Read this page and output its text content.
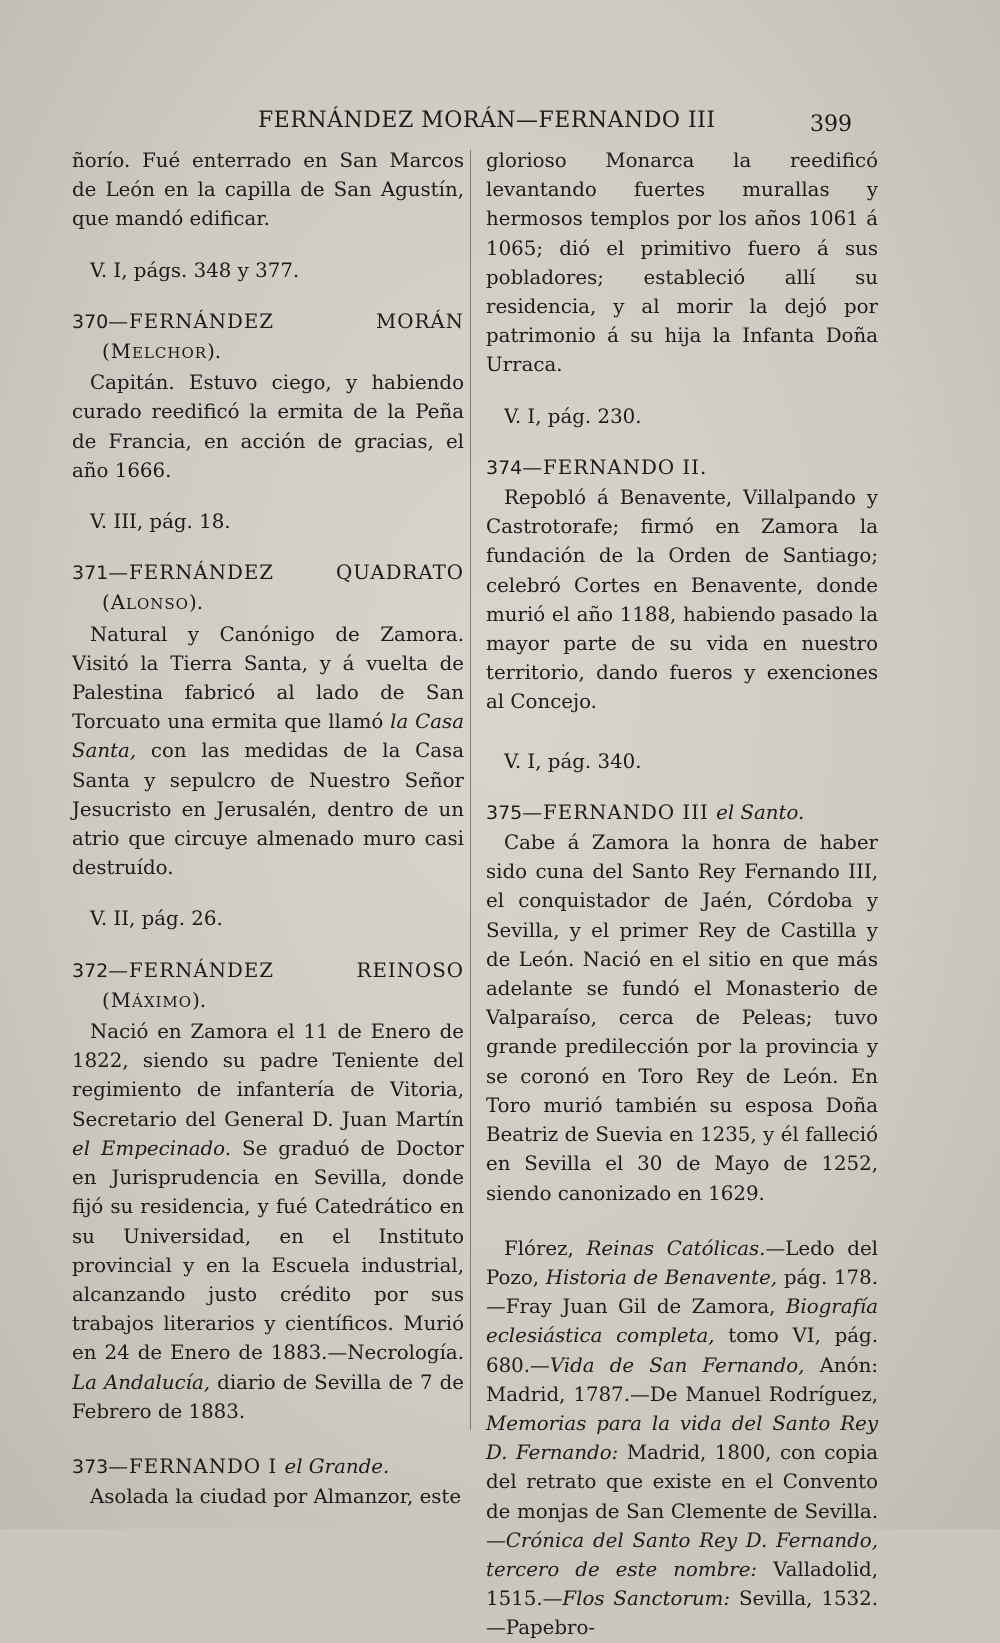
FERNÁNDEZ MORÁN—FERNANDO III	399

ñorío. Fué enterrado en San Marcos de León en la capilla de San Agustín, que mandó edificar.

V. I, págs. 348 y 377.

370—FERNÁNDEZ MORÁN (MELCHOR).

Capitán. Estuvo ciego, y habiendo curado reedificó la ermita de la Peña de Francia, en acción de gracias, el año 1666.

V. III, pág. 18.

371—FERNÁNDEZ QUADRATO (ALONSO).

Natural y Canónigo de Zamora. Visitó la Tierra Santa, y á vuelta de Palestina fabricó al lado de San Torcuato una ermita que llamó la Casa Santa, con las medidas de la Casa Santa y sepulcro de Nuestro Señor Jesucristo en Jerusalén, dentro de un atrio que circuye almenado muro casi destruído.

V. II, pág. 26.

372—FERNÁNDEZ REINOSO (MÁXIMO).

Nació en Zamora el 11 de Enero de 1822, siendo su padre Teniente del regimiento de infantería de Vitoria, Secretario del General D. Juan Martín el Empecinado. Se graduó de Doctor en Jurisprudencia en Sevilla, donde fijó su residencia, y fué Catedrático en su Universidad, en el Instituto provincial y en la Escuela industrial, alcanzando justo crédito por sus trabajos literarios y científicos. Murió en 24 de Enero de 1883.—Necrología. La Andalucía, diario de Sevilla de 7 de Febrero de 1883.

373—FERNANDO I el Grande.

Asolada la ciudad por Almanzor, este

glorioso Monarca la reedificó levantando fuertes murallas y hermosos templos por los años 1061 á 1065; dió el primitivo fuero á sus pobladores; estableció allí su residencia, y al morir la dejó por patrimonio á su hija la Infanta Doña Urraca.

V. I, pág. 230.

374—FERNANDO II.

Repobló á Benavente, Villalpando y Castrotorafe; firmó en Zamora la fundación de la Orden de Santiago; celebró Cortes en Benavente, donde murió el año 1188, habiendo pasado la mayor parte de su vida en nuestro territorio, dando fueros y exenciones al Concejo.

V. I, pág. 340.

375—FERNANDO III el Santo.

Cabe á Zamora la honra de haber sido cuna del Santo Rey Fernando III, el conquistador de Jaén, Córdoba y Sevilla, y el primer Rey de Castilla y de León. Nació en el sitio en que más adelante se fundó el Monasterio de Valparaíso, cerca de Peleas; tuvo grande predilección por la provincia y se coronó en Toro Rey de León. En Toro murió también su esposa Doña Beatriz de Suevia en 1235, y él falleció en Sevilla el 30 de Mayo de 1252, siendo canonizado en 1629.

Flórez, Reinas Católicas.—Ledo del Pozo, Historia de Benavente, pág. 178.—Fray Juan Gil de Zamora, Biografía eclesiástica completa, tomo VI, pág. 680.—Vida de San Fernando, Anón: Madrid, 1787.—De Manuel Rodríguez, Memorias para la vida del Santo Rey D. Fernando: Madrid, 1800, con copia del retrato que existe en el Convento de monjas de San Clemente de Sevilla.—Crónica del Santo Rey D. Fernando, tercero de este nombre: Valladolid, 1515.—Flos Sanctorum: Sevilla, 1532.—Papebro-
